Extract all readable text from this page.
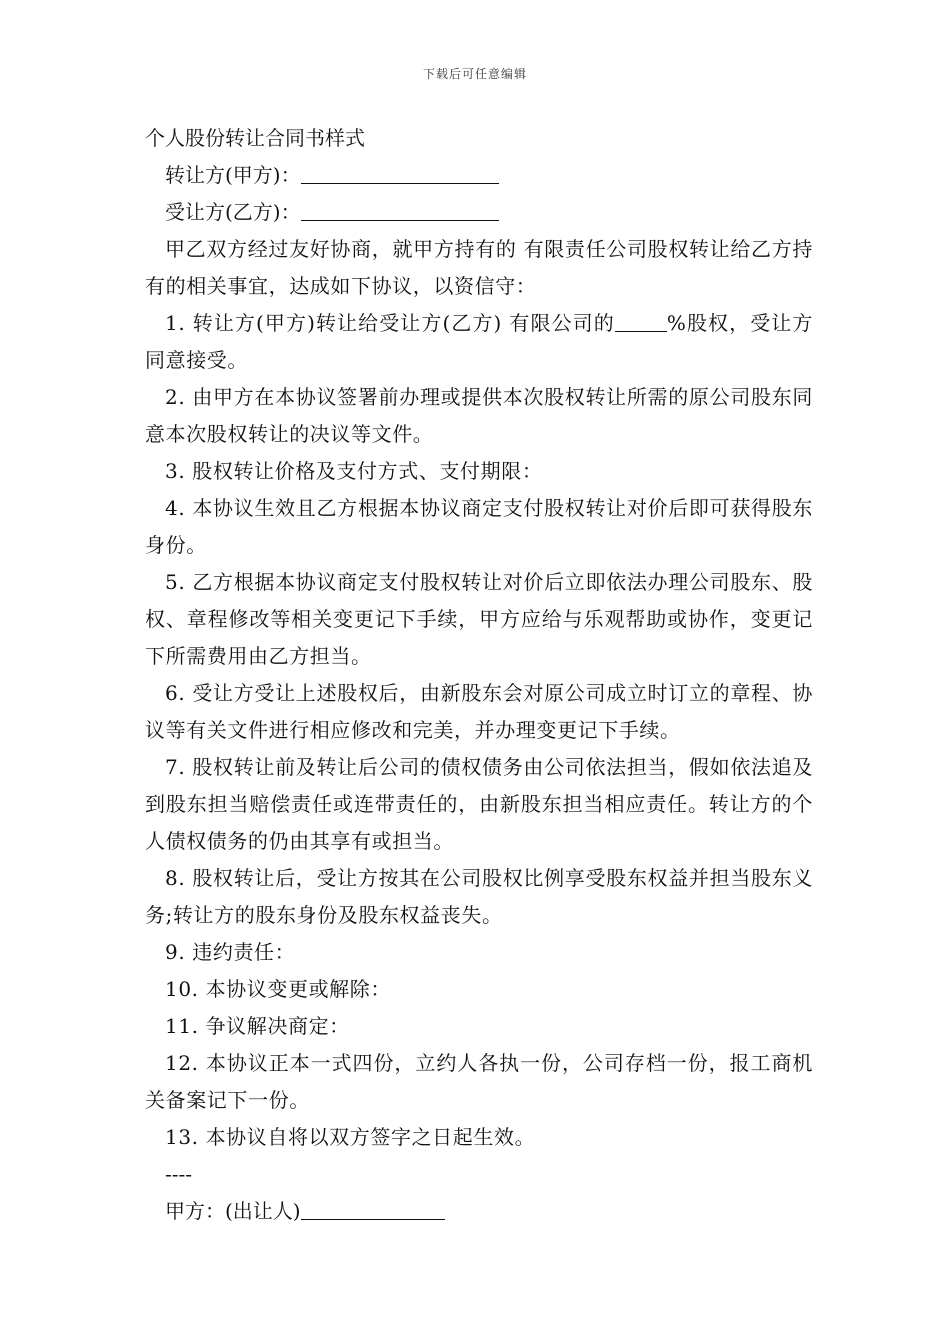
下载后可任意编辑

个人股份转让合同书样式

转让方(甲方)：

受让方(乙方)：

甲乙双方经过友好协商，就甲方持有的 有限责任公司股权转让给乙方持有的相关事宜，达成如下协议，以资信守：

1. 转让方(甲方)转让给受让方(乙方) 有限公司的	%股权，受让方同意接受。

2. 由甲方在本协议签署前办理或提供本次股权转让所需的原公司股东同意本次股权转让的决议等文件。

3. 股权转让价格及支付方式、支付期限：

4. 本协议生效且乙方根据本协议商定支付股权转让对价后即可获得股东身份。

5. 乙方根据本协议商定支付股权转让对价后立即依法办理公司股东、股权、章程修改等相关变更记下手续，甲方应给与乐观帮助或协作，变更记下所需费用由乙方担当。

6. 受让方受让上述股权后，由新股东会对原公司成立时订立的章程、协议等有关文件进行相应修改和完美，并办理变更记下手续。

7. 股权转让前及转让后公司的债权债务由公司依法担当，假如依法追及到股东担当赔偿责任或连带责任的，由新股东担当相应责任。转让方的个人债权债务的仍由其享有或担当。

8. 股权转让后，受让方按其在公司股权比例享受股东权益并担当股东义务;转让方的股东身份及股东权益丧失。

9. 违约责任：

10. 本协议变更或解除：

11. 争议解决商定：

12. 本协议正本一式四份，立约人各执一份，公司存档一份，报工商机关备案记下一份。

13. 本协议自将以双方签字之日起生效。

----

甲方：(出让人)
